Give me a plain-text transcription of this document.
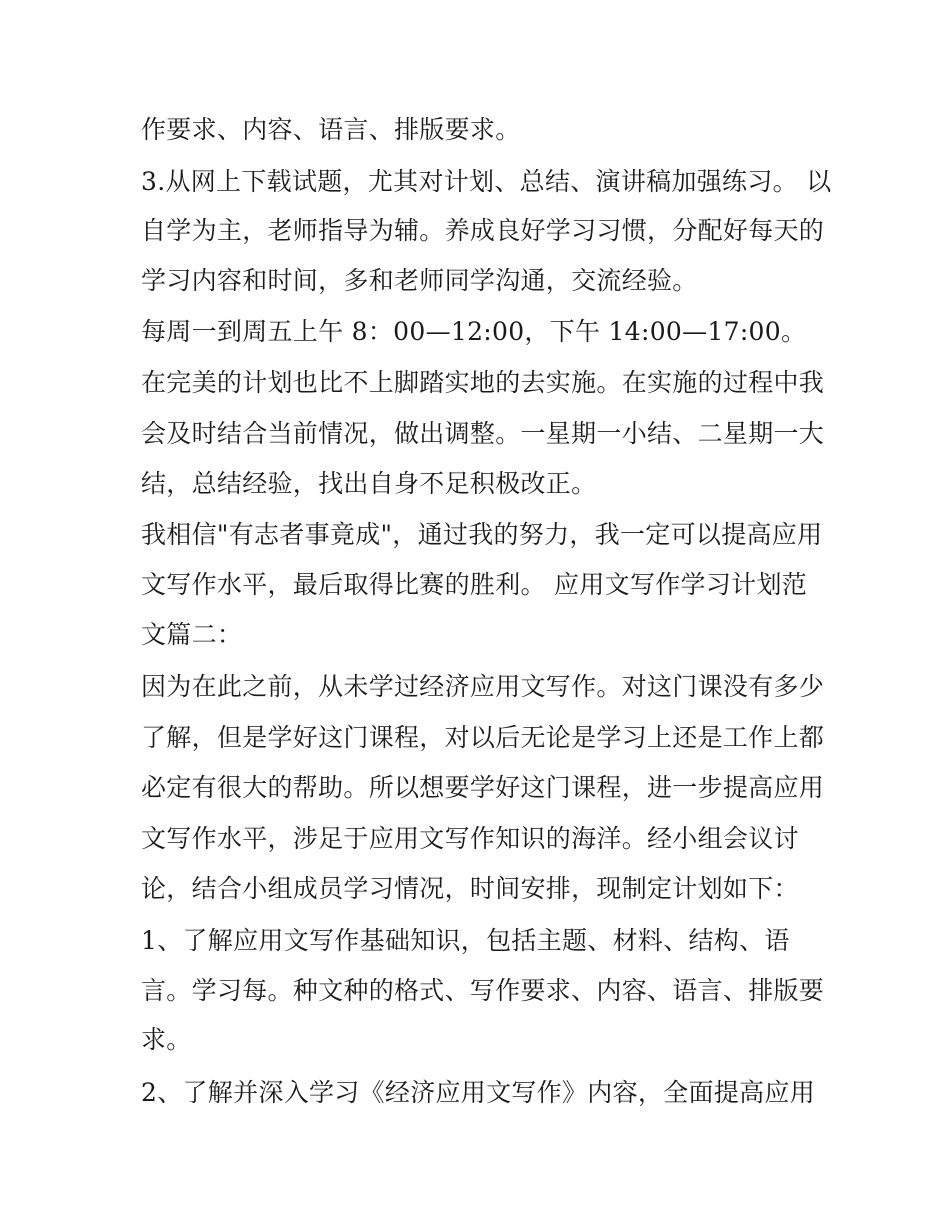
作要求、内容、语言、排版要求。
3.从网上下载试题，尤其对计划、总结、演讲稿加强练习。 以
自学为主，老师指导为辅。养成良好学习习惯，分配好每天的
学习内容和时间，多和老师同学沟通，交流经验。
每周一到周五上午 8：00—12:00，下午 14:00—17:00。
在完美的计划也比不上脚踏实地的去实施。在实施的过程中我
会及时结合当前情况，做出调整。一星期一小结、二星期一大
结，总结经验，找出自身不足积极改正。
我相信"有志者事竟成"，通过我的努力，我一定可以提高应用
文写作水平，最后取得比赛的胜利。 应用文写作学习计划范
文篇二：
因为在此之前，从未学过经济应用文写作。对这门课没有多少
了解，但是学好这门课程，对以后无论是学习上还是工作上都
必定有很大的帮助。所以想要学好这门课程，进一步提高应用
文写作水平，涉足于应用文写作知识的海洋。经小组会议讨
论，结合小组成员学习情况，时间安排，现制定计划如下：
1、了解应用文写作基础知识，包括主题、材料、结构、语
言。学习每。种文种的格式、写作要求、内容、语言、排版要
求。
2、了解并深入学习《经济应用文写作》内容，全面提高应用
